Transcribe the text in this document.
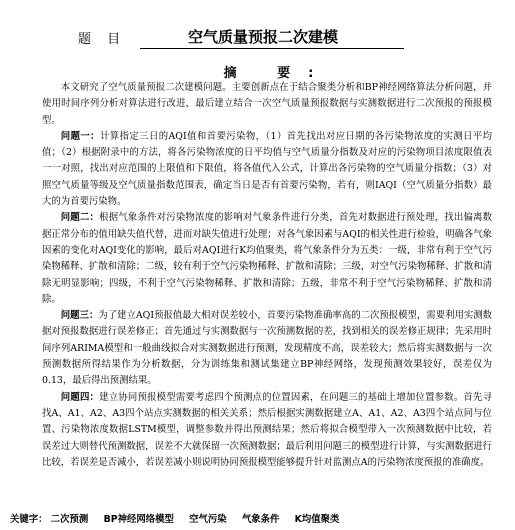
题 目	空气质量预报二次建模
摘 要:

本文研究了空气质量预报二次建模问题。主要创新点在于结合聚类分析和BP神经网络算法分析问题，并使用时间序列分析对算法进行改进，最后建立结合一次空气质量预报数据与实测数据进行二次预报的预报模型。

问题一：计算指定三日的AQI值和首要污染物，（1）首先找出对应日期的各污染物浓度的实测日平均值；（2）根据附录中的方法，将各污染物浓度的日平均值与空气质量分指数及对应的污染物项目浓度限值表一一对照，找出对应范围的上限值和下限值，将各值代入公式，计算出各污染物的空气质量分指数；（3）对照空气质量等级及空气质量指数范围表，确定当日是否有首要污染物，若有，则IAQI（空气质量分指数）最大的为首要污染物。

问题二：根据气象条件对污染物浓度的影响对气象条件进行分类，首先对数据进行预处理，找出偏离数据正常分布的值用缺失值代替，进而对缺失值进行处理；对各气象因素与AQI的相关性进行检验，明确各气象因素的变化对AQI变化的影响，最后对AQI进行K均值聚类，将气象条件分为五类：一级，非常有利于空气污染物稀释、扩散和清除；二级，较有利于空气污染物稀释、扩散和清除；三级，对空气污染物稀释、扩散和清除无明显影响；四级，不利于空气污染物稀释、扩散和清除；五级，非常不利于空气污染物稀释、扩散和清除。

问题三：为了建立AQI预报值最大相对误差较小，首要污染物准确率高的二次预报模型，需要利用实测数据对预报数据进行误差修正；首先通过与实测数据与一次预测数据的差，找到相关的误差修正规律；先采用时间序列ARIMA模型和一般曲线拟合对实测数据进行预测，发现精度不高，误差较大；然后将实测数据与一次预测数据所得结果作为分析数据，分为训练集和测试集建立BP神经网络，发现预测效果较好，误差仅为0.13，最后得出预测结果。

问题四：建立协同预报模型需要考虑四个预测点的位置因素，在问题三的基础上增加位置参数。首先寻找A、A1、A2、A3四个站点实测数据的相关关系；然后根据实测数据建立A、A1、A2、A3四个站点同与位置、污染物浓度数据LSTM模型，调整参数并得出预测结果；然后将拟合模型带入一次预测数据中比较，若误差过大则替代预测数据，误差不大就保留一次预测数据；最后利用问题三的模型进行计算，与实测数据进行比较，若误差是否减小，若误差减小则说明协同预报模型能够提升针对监测点A的污染物浓度预报的准确度。

关键字： 二次预测 BP神经网络模型 空气污染 气象条件 K均值聚类
